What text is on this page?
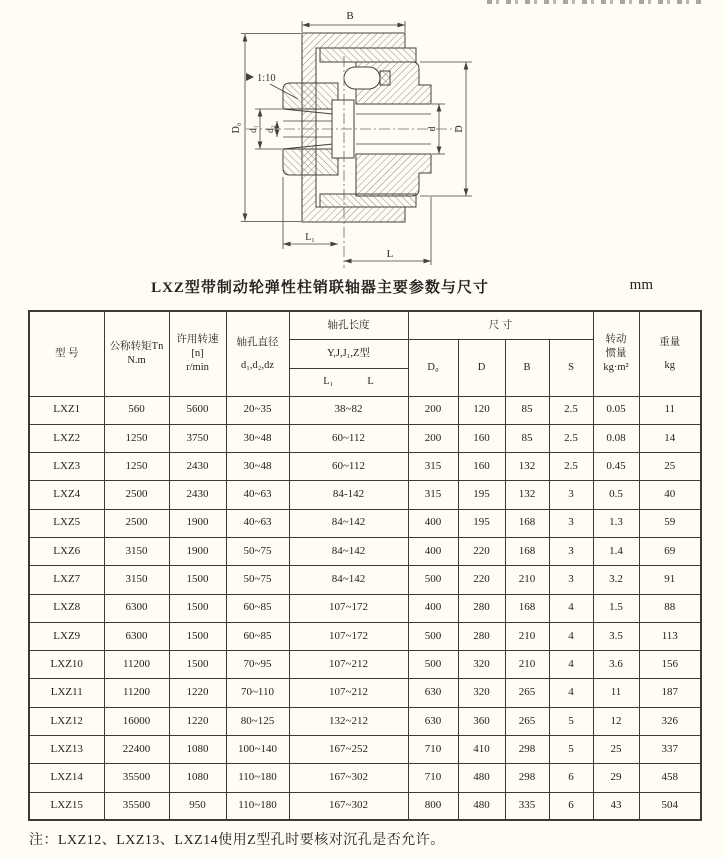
B
D₀ d₁ d₂	d D
L₁
L
1:10
LXZ型带制动轮弹性柱销联轴器主要参数与尺寸	mm
型 号	公称转矩Tn
N.m	许用转速
[n]
r/min	轴孔直径
d₁,d₂,dz	轴孔长度	尺 寸				转动
惯量
kg·m²	重量
kg

				Y,J,J₁,Z型	D₀	D	B	S		

				L₁ L						

LXZ1	560	5600	20~35	38~82	200	120	85	2.5	0.05	11
LXZ2	1250	3750	30~48	60~112	200	160	85	2.5	0.08	14
LXZ3	1250	2430	30~48	60~112	315	160	132	2.5	0.45	25
LXZ4	2500	2430	40~63	84-142	315	195	132	3	0.5	40
LXZ5	2500	1900	40~63	84~142	400	195	168	3	1.3	59
LXZ6	3150	1900	50~75	84~142	400	220	168	3	1.4	69
LXZ7	3150	1500	50~75	84~142	500	220	210	3	3.2	91
LXZ8	6300	1500	60~85	107~172	400	280	168	4	1.5	88
LXZ9	6300	1500	60~85	107~172	500	280	210	4	3.5	113
LXZ10	11200	1500	70~95	107~212	500	320	210	4	3.6	156
LXZ11	11200	1220	70~110	107~212	630	320	265	4	11	187
LXZ12	16000	1220	80~125	132~212	630	360	265	5	12	326
LXZ13	22400	1080	100~140	167~252	710	410	298	5	25	337
LXZ14	35500	1080	110~180	167~302	710	480	298	6	29	458
LXZ15	35500	950	110~180	167~302	800	480	335	6	43	504
注：LXZ12、LXZ13、LXZ14使用Z型孔时要核对沉孔是否允许。
